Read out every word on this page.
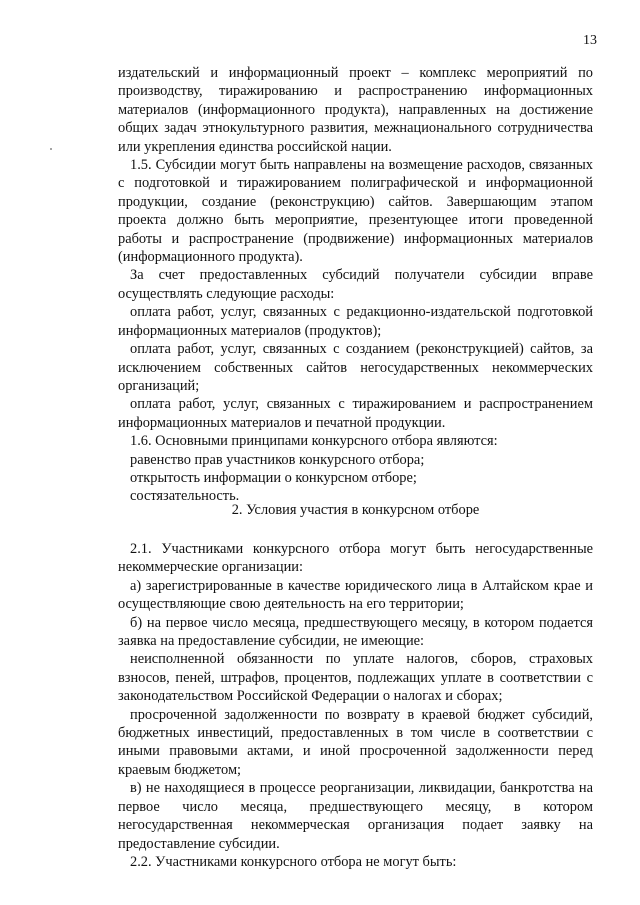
13

издательский и информационный проект – комплекс мероприятий по производству, тиражированию и распространению информационных материалов (информационного продукта), направленных на достижение общих задач этнокультурного развития, межнационального сотрудничества или укрепления единства российской нации.

1.5. Субсидии могут быть направлены на возмещение расходов, связанных с подготовкой и тиражированием полиграфической и информационной продукции, создание (реконструкцию) сайтов. Завершающим этапом проекта должно быть мероприятие, презентующее итоги проведенной работы и распространение (продвижение) информационных материалов (информационного продукта).

За счет предоставленных субсидий получатели субсидии вправе осуществлять следующие расходы:

оплата работ, услуг, связанных с редакционно-издательской подготовкой информационных материалов (продуктов);

оплата работ, услуг, связанных с созданием (реконструкцией) сайтов, за исключением собственных сайтов негосударственных некоммерческих организаций;

оплата работ, услуг, связанных с тиражированием и распространением информационных материалов и печатной продукции.

1.6. Основными принципами конкурсного отбора являются:

равенство прав участников конкурсного отбора;

открытость информации о конкурсном отборе;

состязательность.

2. Условия участия в конкурсном отборе

2.1. Участниками конкурсного отбора могут быть негосударственные некоммерческие организации:

а) зарегистрированные в качестве юридического лица в Алтайском крае и осуществляющие свою деятельность на его территории;

б) на первое число месяца, предшествующего месяцу, в котором подается заявка на предоставление субсидии, не имеющие:

неисполненной обязанности по уплате налогов, сборов, страховых взносов, пеней, штрафов, процентов, подлежащих уплате в соответствии с законодательством Российской Федерации о налогах и сборах;

просроченной задолженности по возврату в краевой бюджет субсидий, бюджетных инвестиций, предоставленных в том числе в соответствии с иными правовыми актами, и иной просроченной задолженности перед краевым бюджетом;

в) не находящиеся в процессе реорганизации, ликвидации, банкротства на первое число месяца, предшествующего месяцу, в котором негосударственная некоммерческая организация подает заявку на предоставление субсидии.

2.2. Участниками конкурсного отбора не могут быть:
